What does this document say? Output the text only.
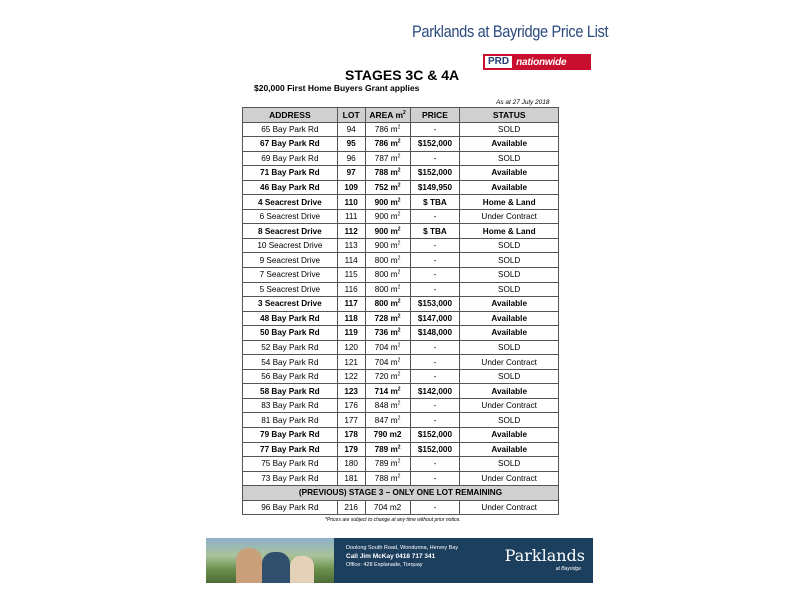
Parklands at Bayridge Price List
PRD nationwide
STAGES 3C & 4A
$20,000 First Home Buyers Grant applies
As at 27 July 2018
ADDRESS	LOT	AREA $m^2$	PRICE	STATUS
65 Bay Park Rd	94	786 $m^2$	-	SOLD
67 Bay Park Rd	95	786 $m^2$	$152,000	Available
69 Bay Park Rd	96	787 $m^2$	-	SOLD
71 Bay Park Rd	97	788 $m^2$	$152,000	Available
46 Bay Park Rd	109	752 $m^2$	$149,950	Available
4 Seacrest Drive	110	900 $m^2$	$ TBA	Home & Land
6 Seacrest Drive	111	900 $m^2$	-	Under Contract
8 Seacrest Drive	112	900 $m^2$	$ TBA	Home & Land
10 Seacrest Drive	113	900 $m^2$	-	SOLD
9 Seacrest Drive	114	800 $m^2$	-	SOLD
7 Seacrest Drive	115	800 $m^2$	-	SOLD
5 Seacrest Drive	116	800 $m^2$	-	SOLD
3 Seacrest Drive	117	800 $m^2$	$153,000	Available
48 Bay Park Rd	118	728 $m^2$	$147,000	Available
50 Bay Park Rd	119	736 $m^2$	$148,000	Available
52 Bay Park Rd	120	704 $m^2$	-	SOLD
54 Bay Park Rd	121	704 $m^2$	-	Under Contract
56 Bay Park Rd	122	720 $m^2$	-	SOLD
58 Bay Park Rd	123	714 $m^2$	$142,000	Available
83 Bay Park Rd	176	848 $m^2$	-	Under Contract
81 Bay Park Rd	177	847 $m^2$	-	SOLD
79 Bay Park Rd	178	790 m2	$152,000	Available
77 Bay Park Rd	179	789 $m^2$	$152,000	Available
75 Bay Park Rd	180	789 $m^2$	-	SOLD
73 Bay Park Rd	181	788 $m^2$	-	Under Contract
(PREVIOUS) STAGE 3 – ONLY ONE LOT REMAINING				
96 Bay Park Rd	216	704 m2	-	Under Contract
*Prices are subject to change at any time without prior notice.
Doolong South Road, Wondunna, Hervey Bay
Call Jim McKay 0418 717 341
Office: 428 Esplanade, Torquay	Parklands
at Bayridge
